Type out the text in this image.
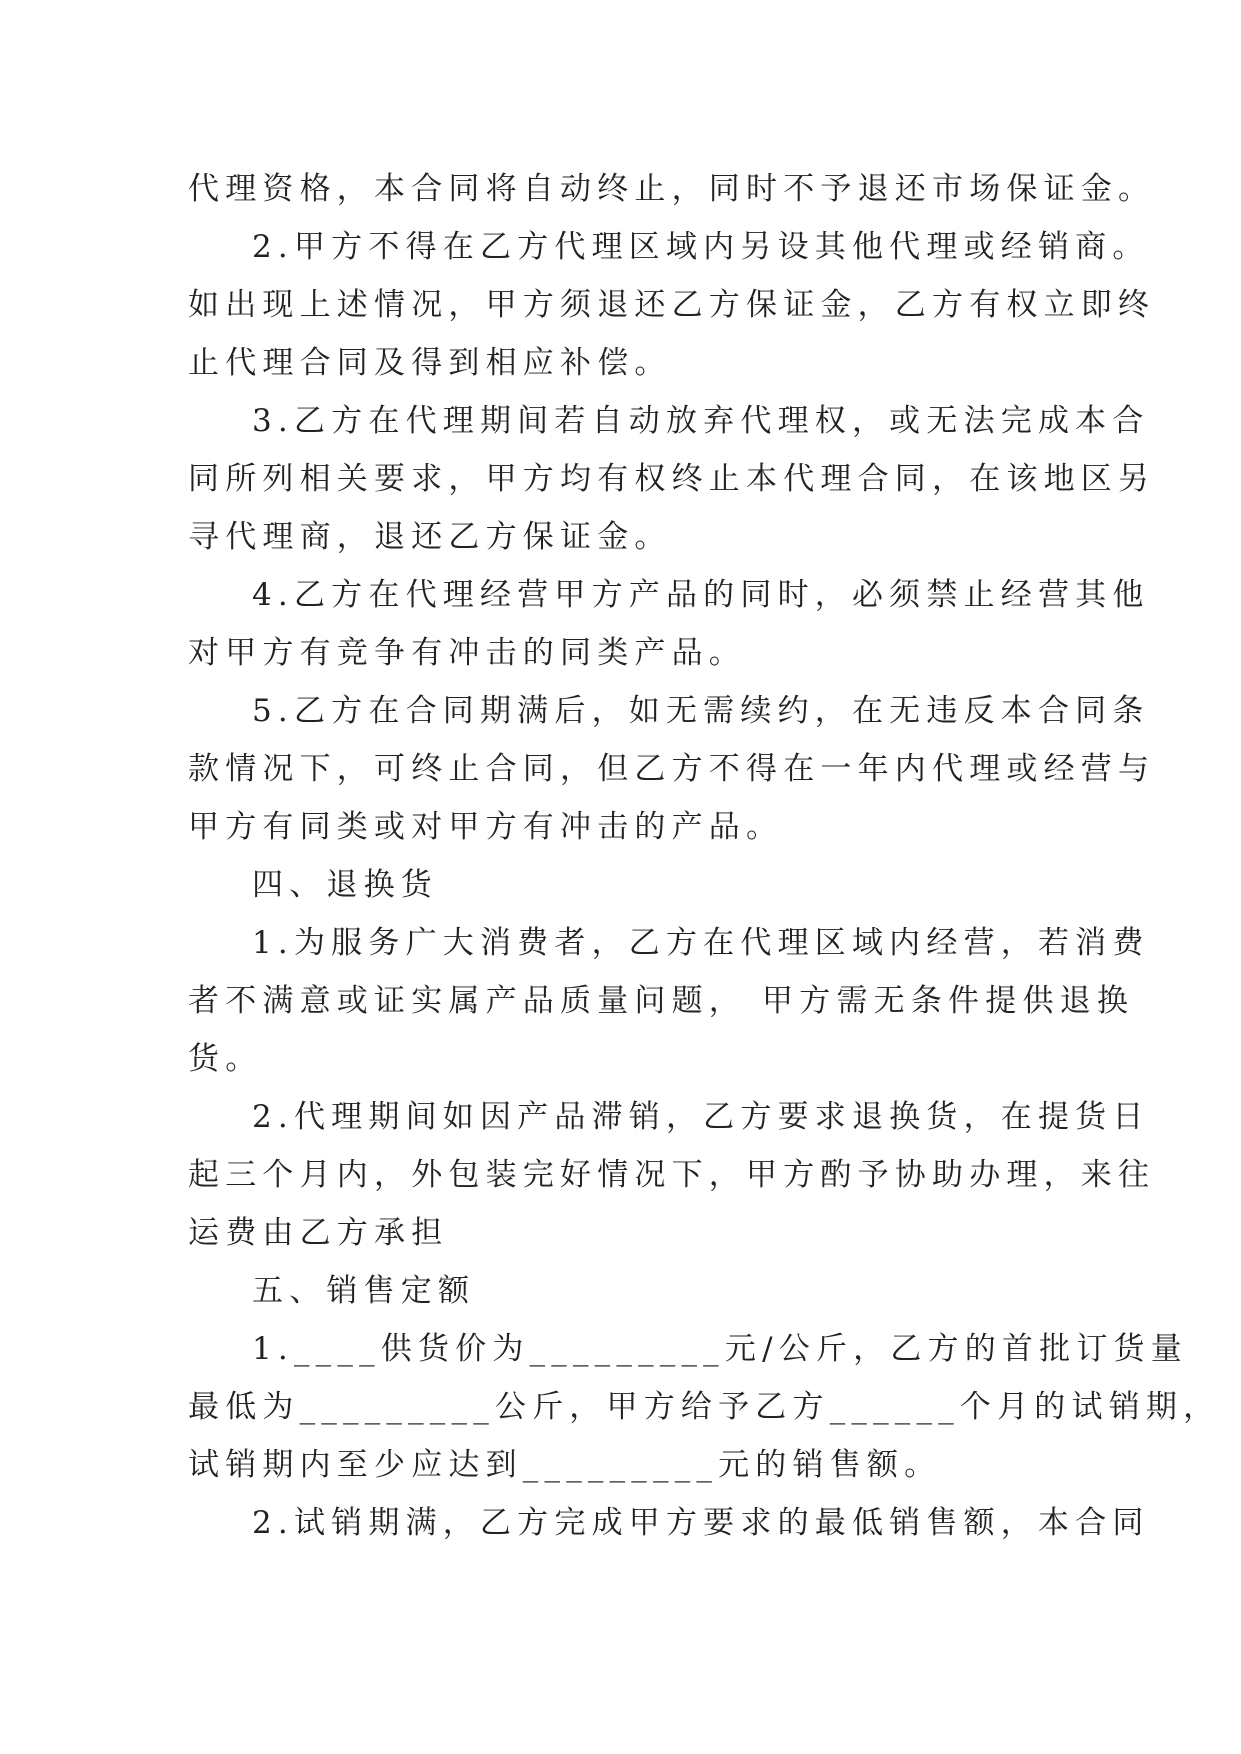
代理资格，本合同将自动终止，同时不予退还市场保证金。
2.甲方不得在乙方代理区域内另设其他代理或经销商。
如出现上述情况，甲方须退还乙方保证金，乙方有权立即终
止代理合同及得到相应补偿。
3.乙方在代理期间若自动放弃代理权，或无法完成本合
同所列相关要求，甲方均有权终止本代理合同，在该地区另
寻代理商，退还乙方保证金。
4.乙方在代理经营甲方产品的同时，必须禁止经营其他
对甲方有竞争有冲击的同类产品。
5.乙方在合同期满后，如无需续约，在无违反本合同条
款情况下，可终止合同，但乙方不得在一年内代理或经营与
甲方有同类或对甲方有冲击的产品。
四、退换货
1.为服务广大消费者，乙方在代理区域内经营，若消费
者不满意或证实属产品质量问题， 甲方需无条件提供退换
货。
2.代理期间如因产品滞销，乙方要求退换货，在提货日
起三个月内，外包装完好情况下，甲方酌予协助办理，来往
运费由乙方承担
五、销售定额
1.____供货价为_________元/公斤，乙方的首批订货量
最低为_________公斤，甲方给予乙方______个月的试销期，
试销期内至少应达到_________元的销售额。
2.试销期满，乙方完成甲方要求的最低销售额，本合同
